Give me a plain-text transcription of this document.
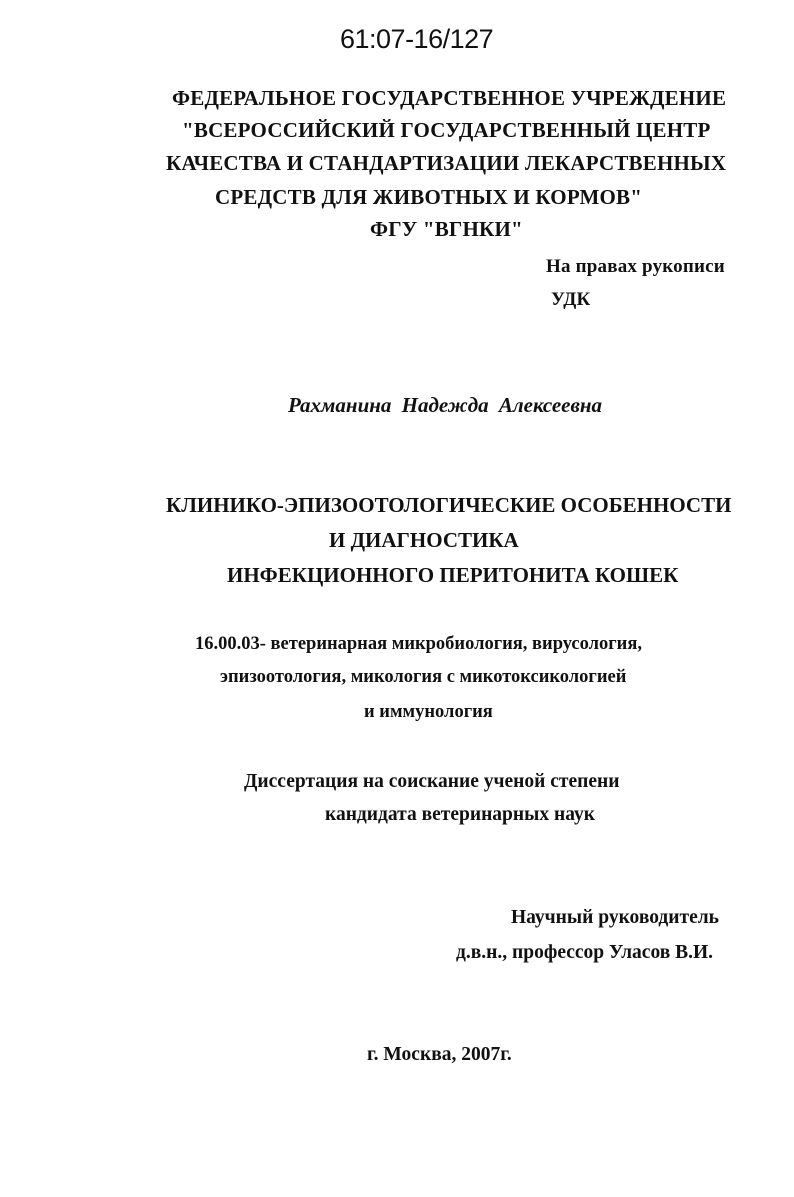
61:07-16/127
ФЕДЕРАЛЬНОЕ ГОСУДАРСТВЕННОЕ УЧРЕЖДЕНИЕ
"ВСЕРОССИЙСКИЙ ГОСУДАРСТВЕННЫЙ ЦЕНТР
КАЧЕСТВА И СТАНДАРТИЗАЦИИ ЛЕКАРСТВЕННЫХ
СРЕДСТВ ДЛЯ ЖИВОТНЫХ И КОРМОВ"
ФГУ "ВГНКИ"
На правах рукописи
УДК
Рахманина Надежда Алексеевна
КЛИНИКО-ЭПИЗООТОЛОГИЧЕСКИЕ ОСОБЕННОСТИ
И ДИАГНОСТИКА
ИНФЕКЦИОННОГО ПЕРИТОНИТА КОШЕК
16.00.03- ветеринарная микробиология, вирусология,
эпизоотология, микология с микотоксикологией
и иммунология
Диссертация на соискание ученой степени
кандидата ветеринарных наук
Научный руководитель
д.в.н., профессор Уласов В.И.
г. Москва, 2007г.
